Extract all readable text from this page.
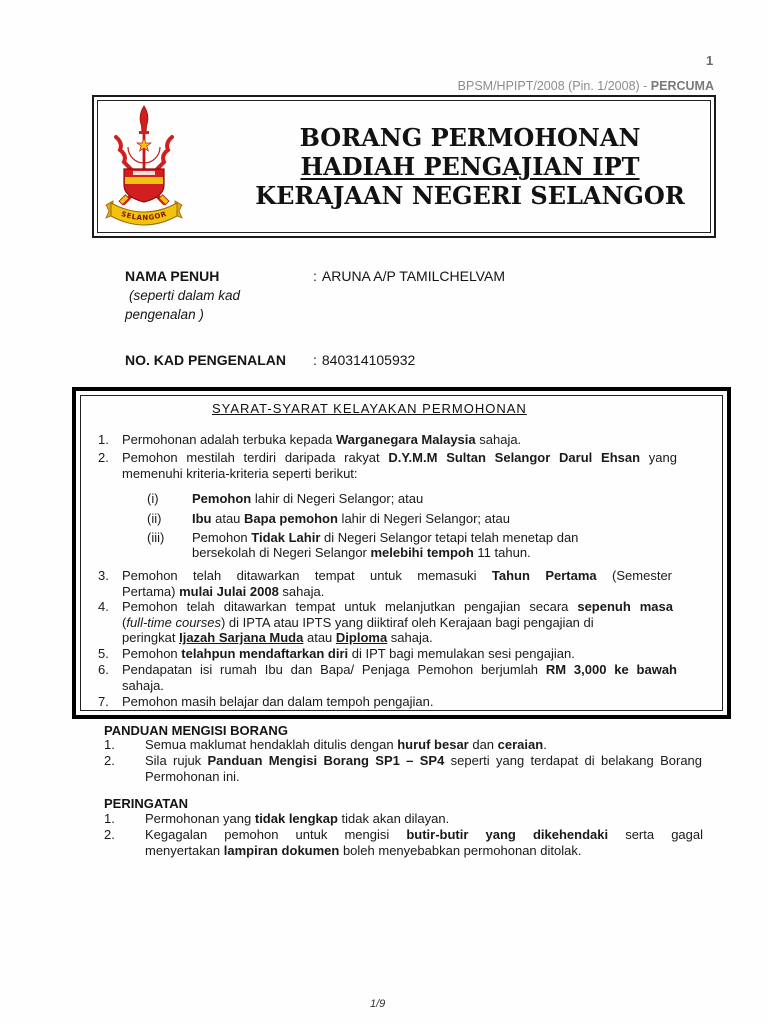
1
BPSM/HPIPT/2008 (Pin. 1/2008) - PERCUMA
SELANGOR
BORANG PERMOHONAN
HADIAH PENGAJIAN IPT
KERAJAAN NEGERI SELANGOR
NAMA PENUH
(seperti dalam kad
pengenalan )
: ARUNA A/P TAMILCHELVAM
NO. KAD PENGENALAN : 840314105932
SYARAT-SYARAT KELAYAKAN PERMOHONAN
1. Permohonan adalah terbuka kepada Warganegara Malaysia sahaja.
2. Pemohon mestilah terdiri daripada rakyat D.Y.M.M Sultan Selangor Darul Ehsan yang
memenuhi kriteria-kriteria seperti berikut:
(i)	Pemohon lahir di Negeri Selangor; atau
(ii) Ibu atau Bapa pemohon lahir di Negeri Selangor; atau
(iii) Pemohon Tidak Lahir di Negeri Selangor tetapi telah menetap dan
bersekolah di Negeri Selangor melebihi tempoh 11 tahun.
3. Pemohon telah ditawarkan tempat untuk memasuki Tahun Pertama (Semester
Pertama) mulai Julai 2008 sahaja.
4. Pemohon telah ditawarkan tempat untuk melanjutkan pengajian secara sepenuh masa
(full-time courses) di IPTA atau IPTS yang diiktiraf oleh Kerajaan bagi pengajian di
peringkat Ijazah Sarjana Muda atau Diploma sahaja.
5. Pemohon telahpun mendaftarkan diri di IPT bagi memulakan sesi pengajian.
6. Pendapatan isi rumah Ibu dan Bapa/ Penjaga Pemohon berjumlah RM 3,000 ke bawah
sahaja.
7. Pemohon masih belajar dan dalam tempoh pengajian.
PANDUAN MENGISI BORANG
1. Semua maklumat hendaklah ditulis dengan huruf besar dan ceraian.
2. Sila rujuk Panduan Mengisi Borang SP1 – SP4 seperti yang terdapat di belakang Borang
Permohonan ini.
PERINGATAN
1. Permohonan yang tidak lengkap tidak akan dilayan.
2. Kegagalan pemohon untuk mengisi butir-butir yang dikehendaki serta gagal
menyertakan lampiran dokumen boleh menyebabkan permohonan ditolak.
1/9
